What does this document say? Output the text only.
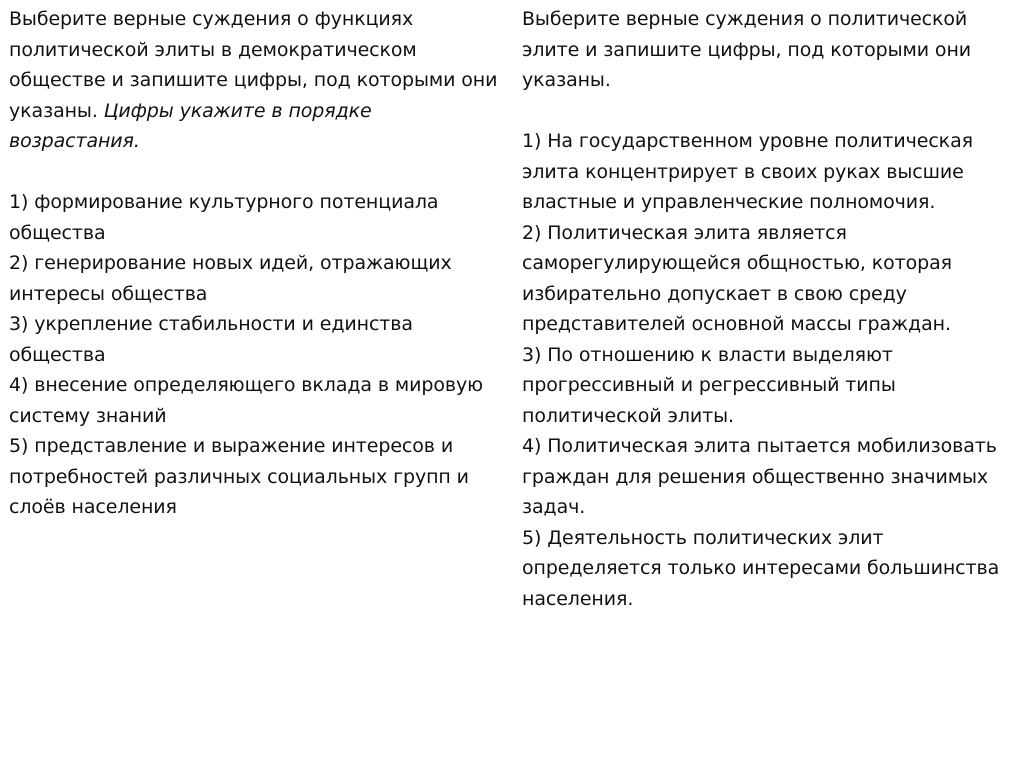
Выберите верные суждения о функциях политической элиты в демократическом обществе и запишите цифры, под которыми они указаны. Цифры укажите в порядке возрастания.

1) формирование культурного потенциала общества

2) генерирование новых идей, отражающих интересы общества

3) укрепление стабильности и единства общества

4) внесение определяющего вклада в мировую систему знаний

5) представление и выражение интересов и потребностей различных социальных групп и слоёв населения

Выберите верные суждения о политической элите и запишите цифры, под которыми они указаны.

1) На государственном уровне политическая элита концентрирует в своих руках высшие властные и управленческие полномочия.

2) Политическая элита является саморегулирующейся общностью, которая избирательно допускает в свою среду представителей основной массы граждан.

3) По отношению к власти выделяют прогрессивный и регрессивный типы политической элиты.

4) Политическая элита пытается мобилизовать граждан для решения общественно значимых задач.

5) Деятельность политических элит определяется только интересами большинства населения.
